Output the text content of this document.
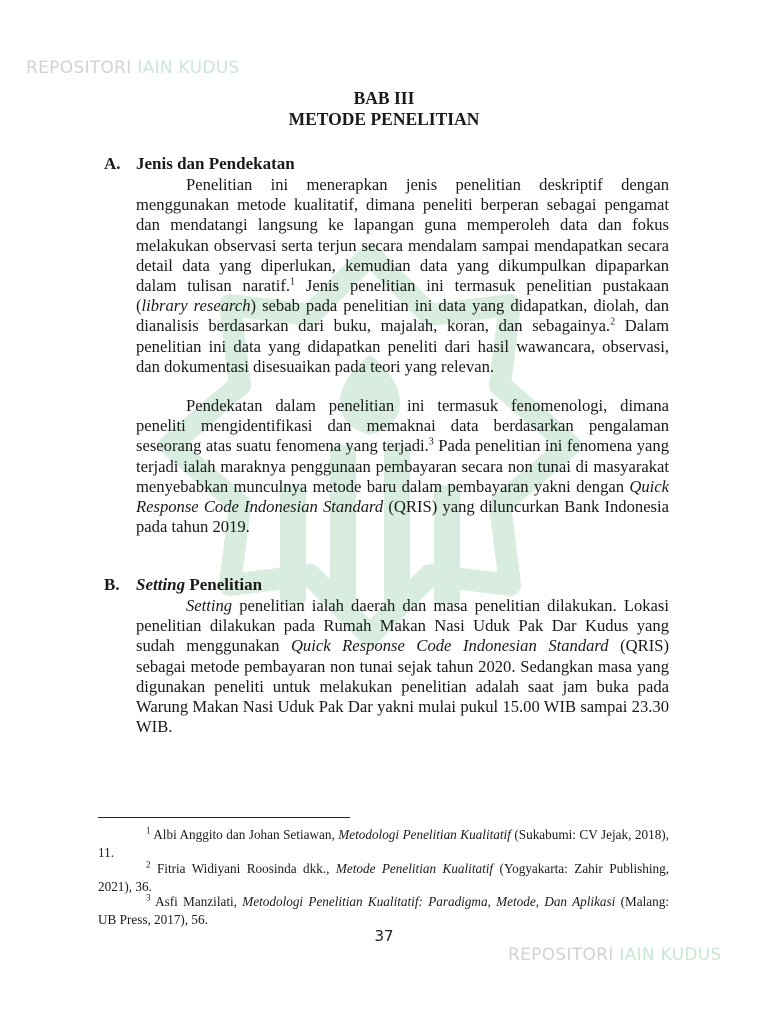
REPOSITORI IAIN KUDUS
BAB III
METODE PENELITIAN
A. Jenis dan Pendekatan

Penelitian ini menerapkan jenis penelitian deskriptif dengan menggunakan metode kualitatif, dimana peneliti berperan sebagai pengamat dan mendatangi langsung ke lapangan guna memperoleh data dan fokus melakukan observasi serta terjun secara mendalam sampai mendapatkan secara detail data yang diperlukan, kemudian data yang dikumpulkan dipaparkan dalam tulisan naratif.$^1$ Jenis penelitian ini termasuk penelitian pustakaan (library research) sebab pada penelitian ini data yang didapatkan, diolah, dan dianalisis berdasarkan dari buku, majalah, koran, dan sebagainya.$^2$ Dalam penelitian ini data yang didapatkan peneliti dari hasil wawancara, observasi, dan dokumentasi disesuaikan pada teori yang relevan.

Pendekatan dalam penelitian ini termasuk fenomenologi, dimana peneliti mengidentifikasi dan memaknai data berdasarkan pengalaman seseorang atas suatu fenomena yang terjadi.$^3$ Pada penelitian ini fenomena yang terjadi ialah maraknya penggunaan pembayaran secara non tunai di masyarakat menyebabkan munculnya metode baru dalam pembayaran yakni dengan Quick Response Code Indonesian Standard (QRIS) yang diluncurkan Bank Indonesia pada tahun 2019.

B. Setting Penelitian

Setting penelitian ialah daerah dan masa penelitian dilakukan. Lokasi penelitian dilakukan pada Rumah Makan Nasi Uduk Pak Dar Kudus yang sudah menggunakan Quick Response Code Indonesian Standard (QRIS) sebagai metode pembayaran non tunai sejak tahun 2020. Sedangkan masa yang digunakan peneliti untuk melakukan penelitian adalah saat jam buka pada Warung Makan Nasi Uduk Pak Dar yakni mulai pukul 15.00 WIB sampai 23.30 WIB.

$^1$ Albi Anggito dan Johan Setiawan, Metodologi Penelitian Kualitatif (Sukabumi: CV Jejak, 2018), 11.

$^2$ Fitria Widiyani Roosinda dkk., Metode Penelitian Kualitatif (Yogyakarta: Zahir Publishing, 2021), 36.

$^3$ Asfi Manzilati, Metodologi Penelitian Kualitatif: Paradigma, Metode, Dan Aplikasi (Malang: UB Press, 2017), 56.

37
REPOSITORI IAIN KUDUS
